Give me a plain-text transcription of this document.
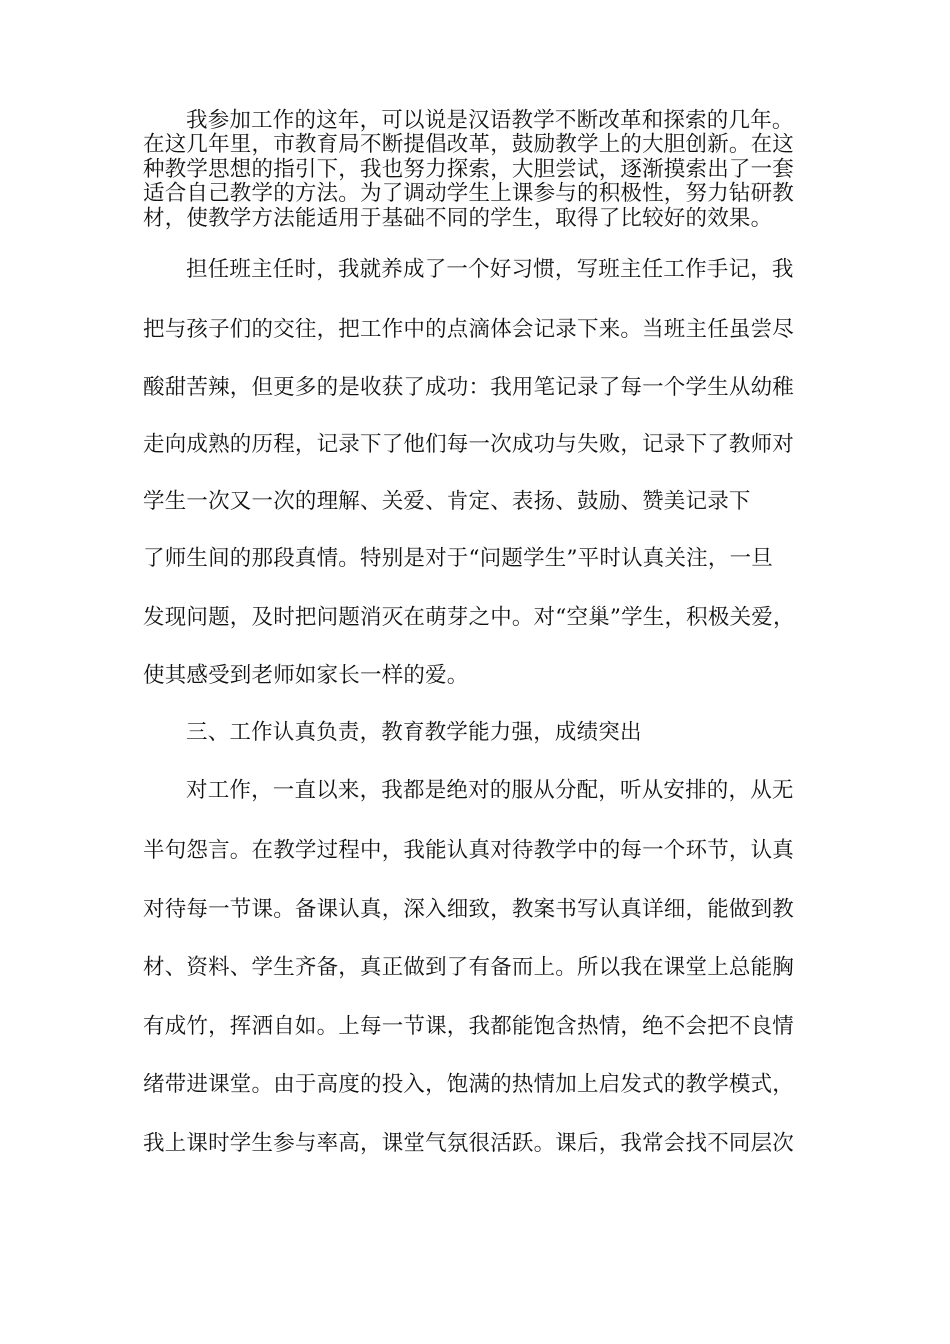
我参加工作的这年，可以说是汉语教学不断改革和探索的几年。
在这几年里，市教育局不断提倡改革，鼓励教学上的大胆创新。在这
种教学思想的指引下，我也努力探索，大胆尝试，逐渐摸索出了一套
适合自己教学的方法。为了调动学生上课参与的积极性，努力钻研教
材，使教学方法能适用于基础不同的学生，取得了比较好的效果。
担任班主任时，我就养成了一个好习惯，写班主任工作手记，我
把与孩子们的交往，把工作中的点滴体会记录下来。当班主任虽尝尽
酸甜苦辣，但更多的是收获了成功：我用笔记录了每一个学生从幼稚
走向成熟的历程，记录下了他们每一次成功与失败，记录下了教师对
学生一次又一次的理解、关爱、肯定、表扬、鼓励、赞美记录下
了师生间的那段真情。特别是对于“问题学生”平时认真关注，一旦
发现问题，及时把问题消灭在萌芽之中。对“空巢”学生，积极关爱，
使其感受到老师如家长一样的爱。
三、工作认真负责，教育教学能力强，成绩突出
对工作，一直以来，我都是绝对的服从分配，听从安排的，从无
半句怨言。在教学过程中，我能认真对待教学中的每一个环节，认真
对待每一节课。备课认真，深入细致，教案书写认真详细，能做到教
材、资料、学生齐备，真正做到了有备而上。所以我在课堂上总能胸
有成竹，挥洒自如。上每一节课，我都能饱含热情，绝不会把不良情
绪带进课堂。由于高度的投入，饱满的热情加上启发式的教学模式，
我上课时学生参与率高，课堂气氛很活跃。课后，我常会找不同层次
